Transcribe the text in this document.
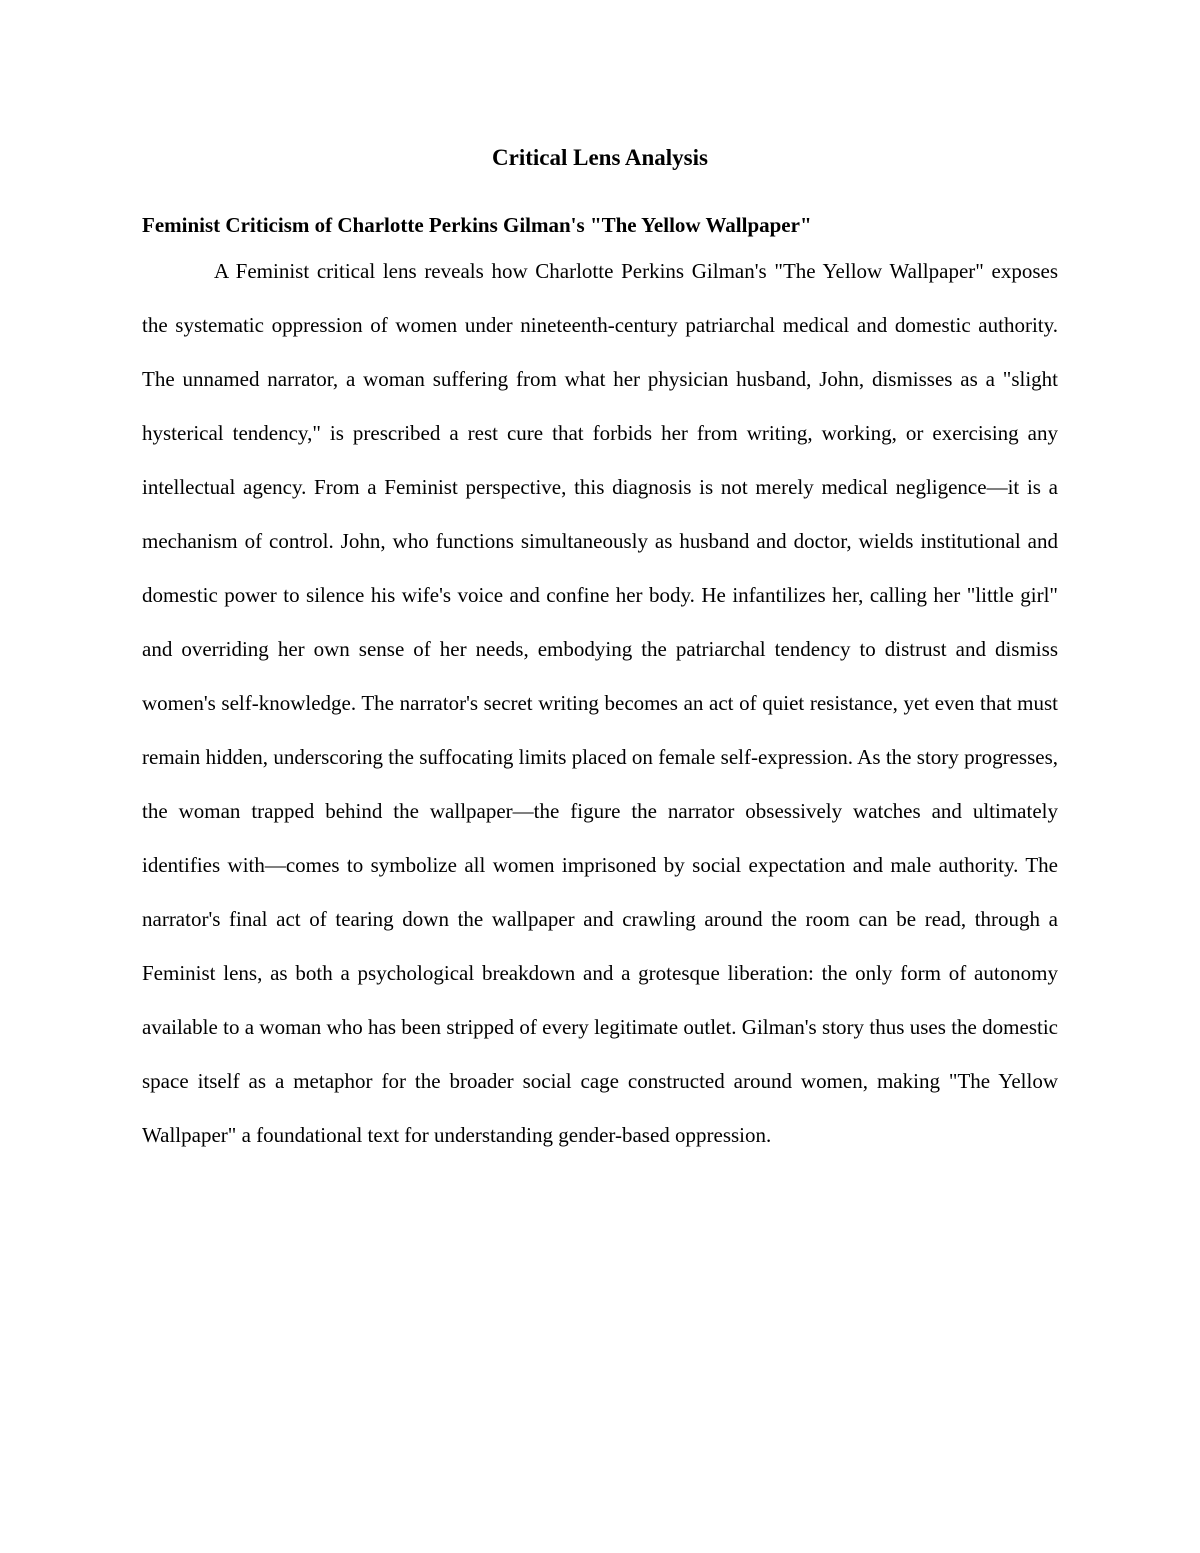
Critical Lens Analysis
Feminist Criticism of Charlotte Perkins Gilman's "The Yellow Wallpaper"

A Feminist critical lens reveals how Charlotte Perkins Gilman's "The Yellow Wallpaper" exposes the systematic oppression of women under nineteenth-century patriarchal medical and domestic authority. The unnamed narrator, a woman suffering from what her physician husband, John, dismisses as a "slight hysterical tendency," is prescribed a rest cure that forbids her from writing, working, or exercising any intellectual agency. From a Feminist perspective, this diagnosis is not merely medical negligence—it is a mechanism of control. John, who functions simultaneously as husband and doctor, wields institutional and domestic power to silence his wife's voice and confine her body. He infantilizes her, calling her "little girl" and overriding her own sense of her needs, embodying the patriarchal tendency to distrust and dismiss women's self-knowledge. The narrator's secret writing becomes an act of quiet resistance, yet even that must remain hidden, underscoring the suffocating limits placed on female self-expression. As the story progresses, the woman trapped behind the wallpaper—the figure the narrator obsessively watches and ultimately identifies with—comes to symbolize all women imprisoned by social expectation and male authority. The narrator's final act of tearing down the wallpaper and crawling around the room can be read, through a Feminist lens, as both a psychological breakdown and a grotesque liberation: the only form of autonomy available to a woman who has been stripped of every legitimate outlet. Gilman's story thus uses the domestic space itself as a metaphor for the broader social cage constructed around women, making "The Yellow Wallpaper" a foundational text for understanding gender-based oppression.
